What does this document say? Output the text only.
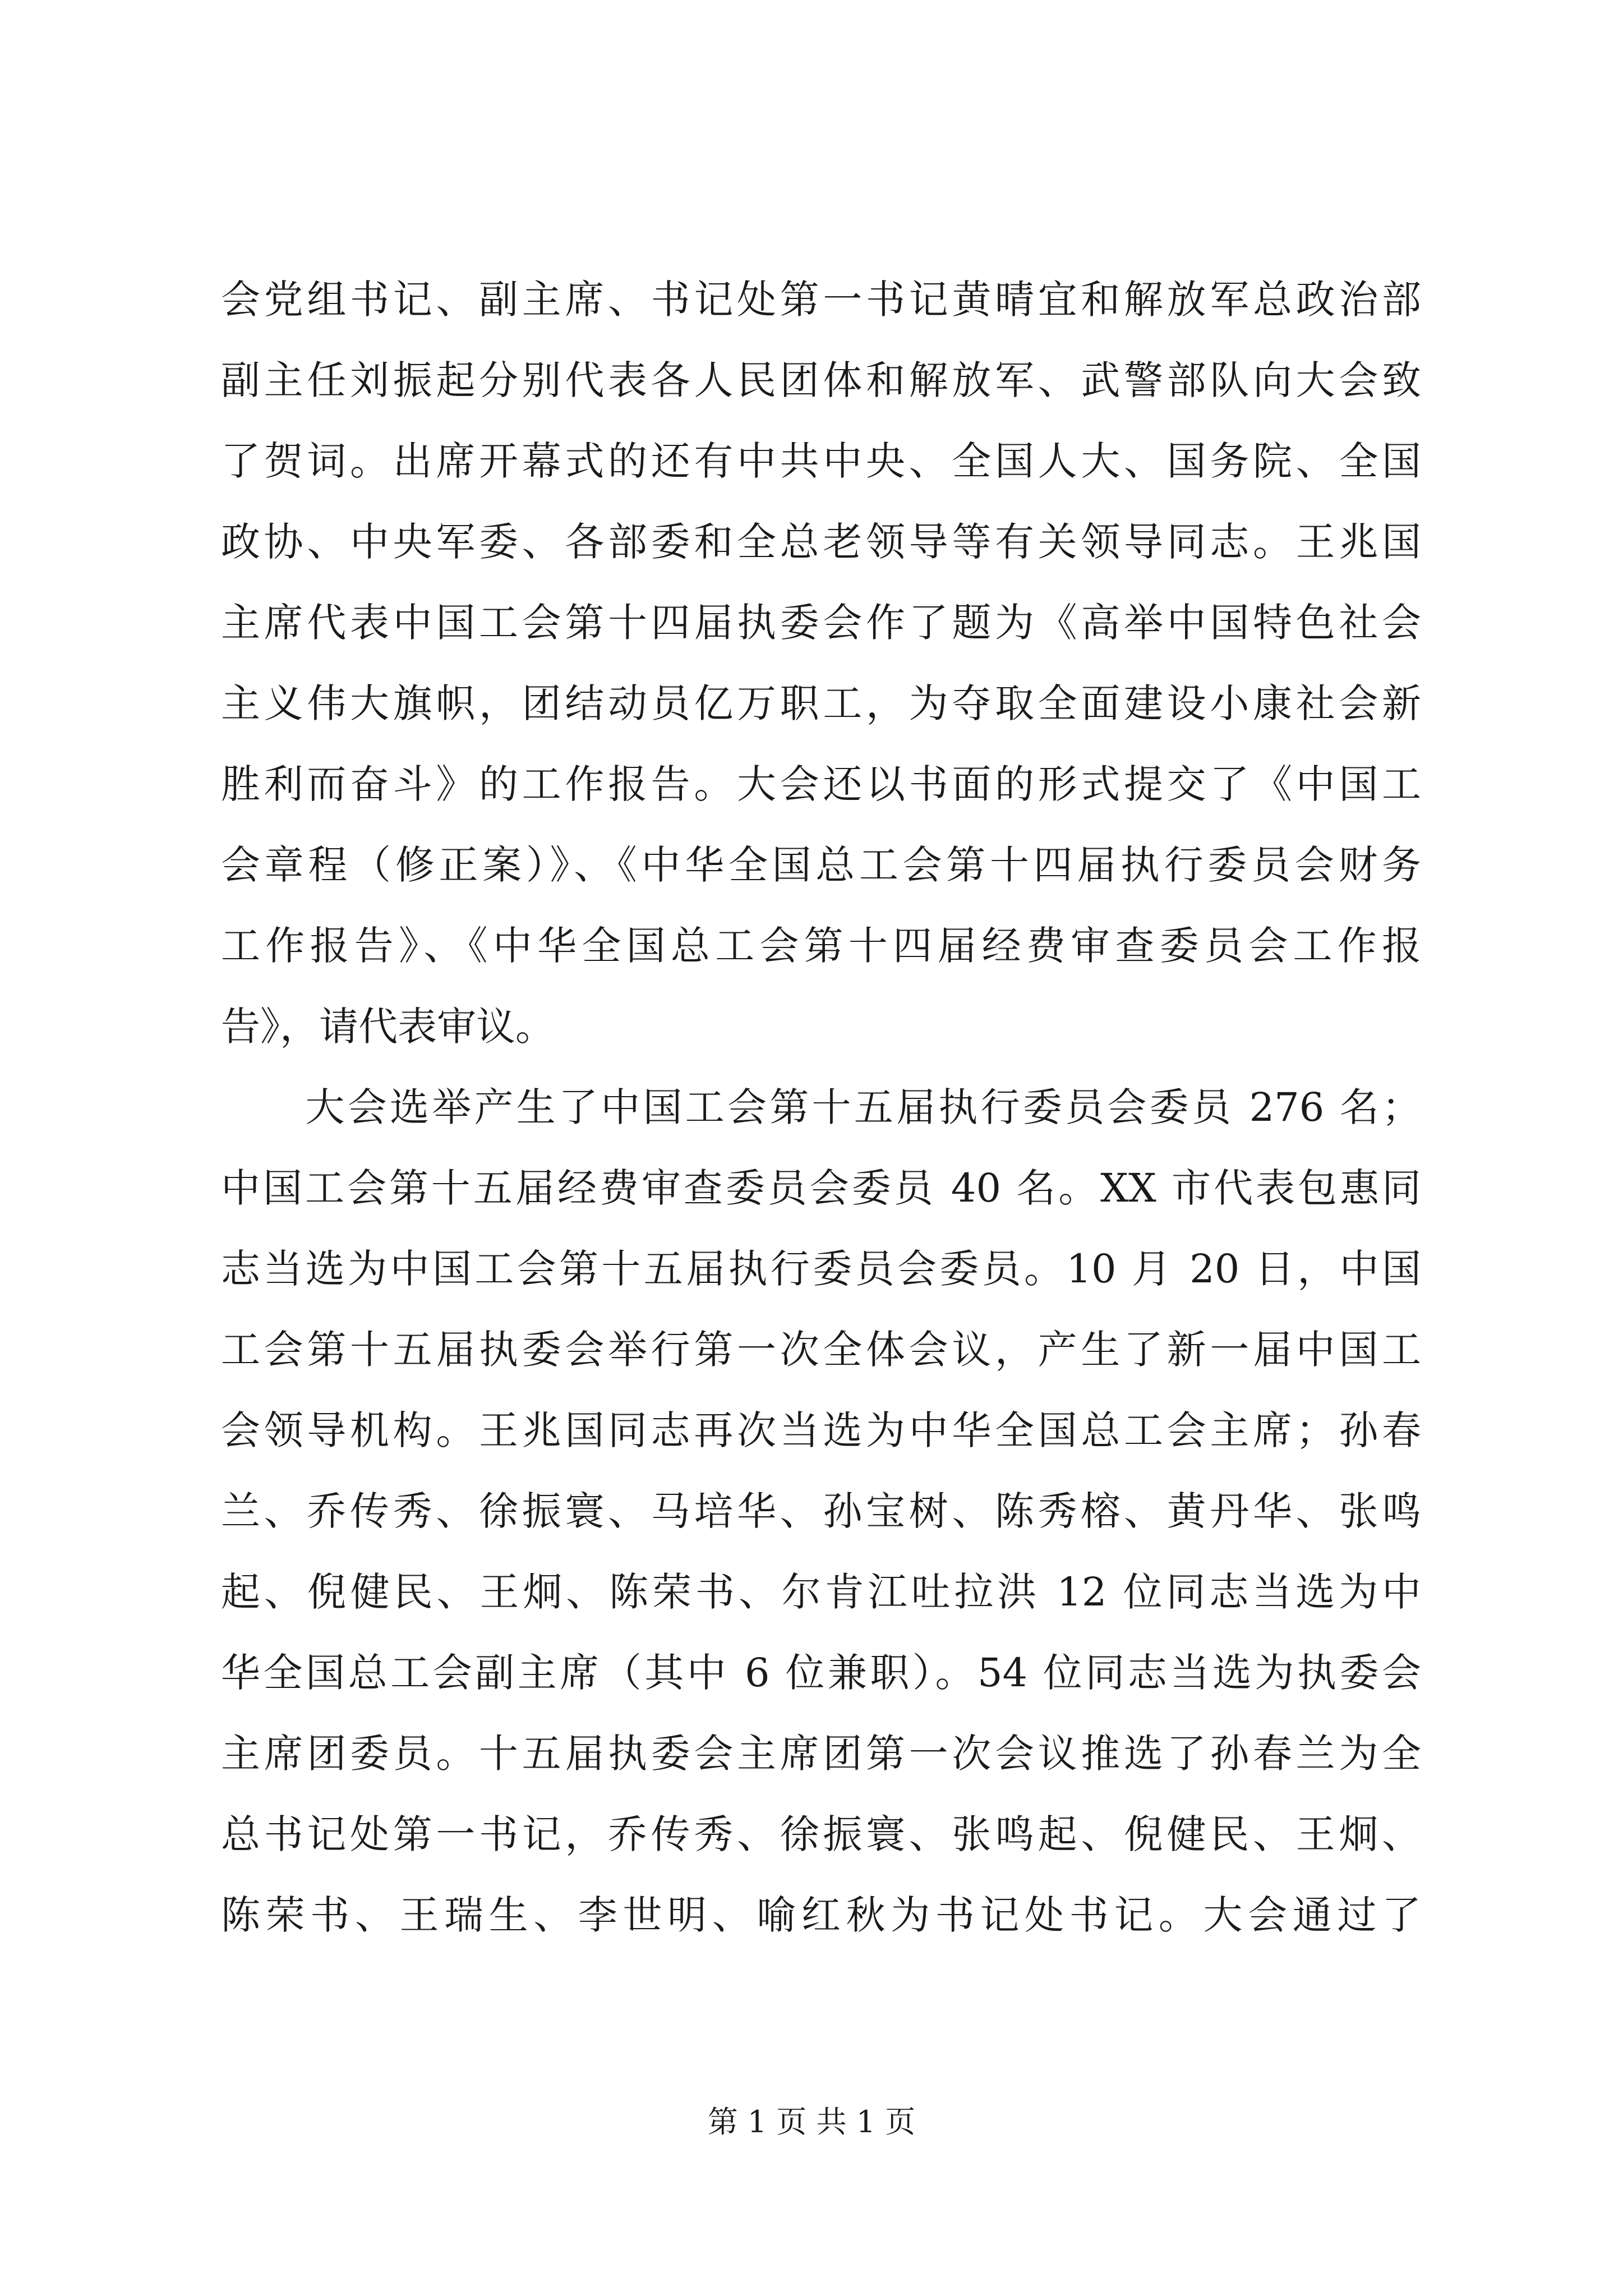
会党组书记、副主席、书记处第一书记黄晴宜和解放军总政治部
副主任刘振起分别代表各人民团体和解放军、武警部队向大会致
了贺词。出席开幕式的还有中共中央、全国人大、国务院、全国
政协、中央军委、各部委和全总老领导等有关领导同志。王兆国
主席代表中国工会第十四届执委会作了题为《高举中国特色社会
主义伟大旗帜，团结动员亿万职工，为夺取全面建设小康社会新
胜利而奋斗》的工作报告。大会还以书面的形式提交了《中国工
会章程（修正案）》、《中华全国总工会第十四届执行委员会财务
工作报告》、《中华全国总工会第十四届经费审查委员会工作报
告》，请代表审议。
　　大会选举产生了中国工会第十五届执行委员会委员 276 名；
中国工会第十五届经费审查委员会委员 40 名。XX 市代表包惠同
志当选为中国工会第十五届执行委员会委员。10 月 20 日，中国
工会第十五届执委会举行第一次全体会议，产生了新一届中国工
会领导机构。王兆国同志再次当选为中华全国总工会主席；孙春
兰、乔传秀、徐振寰、马培华、孙宝树、陈秀榕、黄丹华、张鸣
起、倪健民、王炯、陈荣书、尔肯江吐拉洪 12 位同志当选为中
华全国总工会副主席（其中 6 位兼职）。54 位同志当选为执委会
主席团委员。十五届执委会主席团第一次会议推选了孙春兰为全
总书记处第一书记，乔传秀、徐振寰、张鸣起、倪健民、王炯、
陈荣书、王瑞生、李世明、喻红秋为书记处书记。大会通过了
第 1 页 共 1 页
